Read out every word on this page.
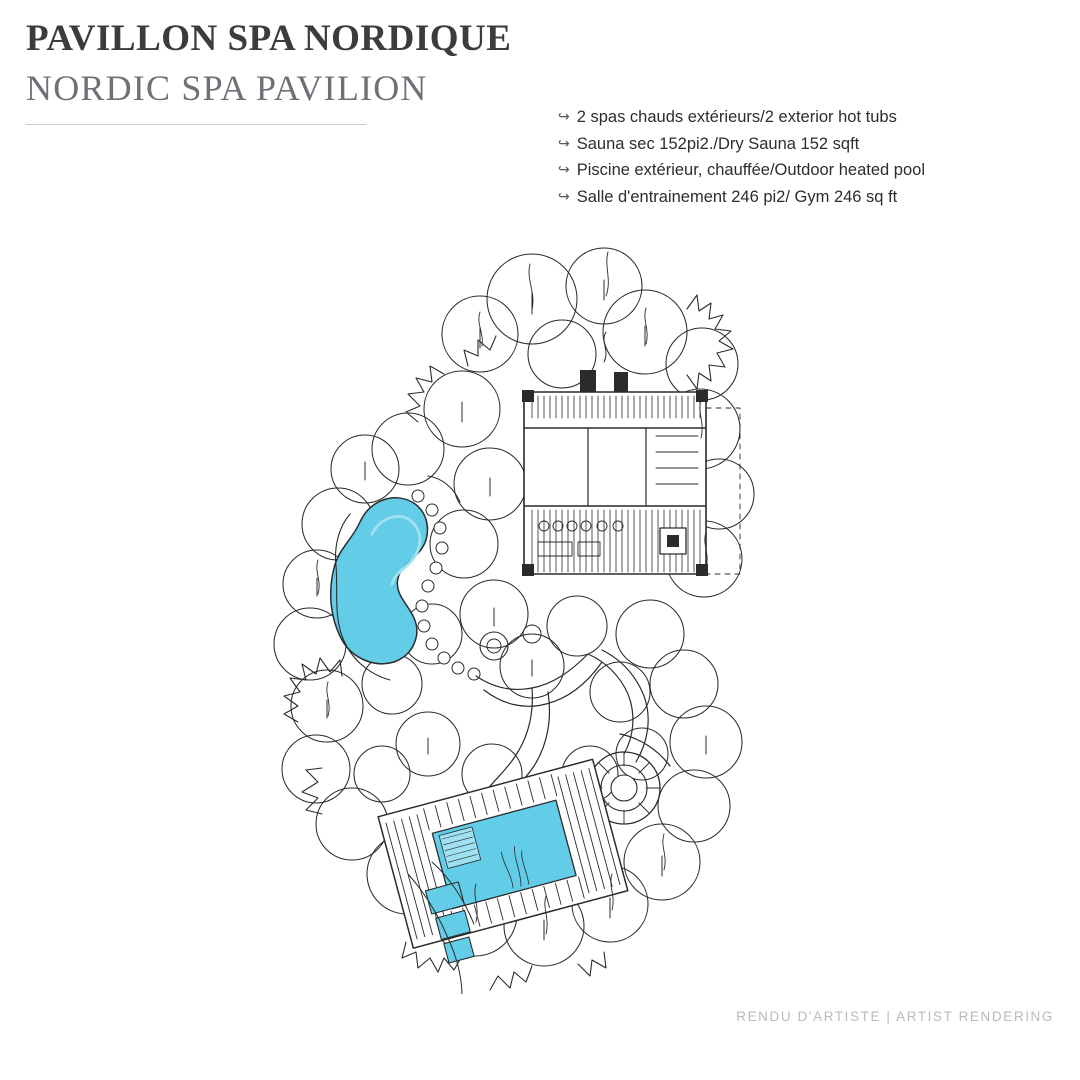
PAVILLON SPA NORDIQUE
NORDIC SPA PAVILION
↪ 2 spas chauds extérieurs/2 exterior hot tubs
↪ Sauna sec 152pi2./Dry Sauna 152 sqft
↪ Piscine extérieur, chauffée/Outdoor heated pool
↪ Salle d'entrainement 246 pi2/ Gym 246 sq ft
RENDU D'ARTISTE | ARTIST RENDERING
